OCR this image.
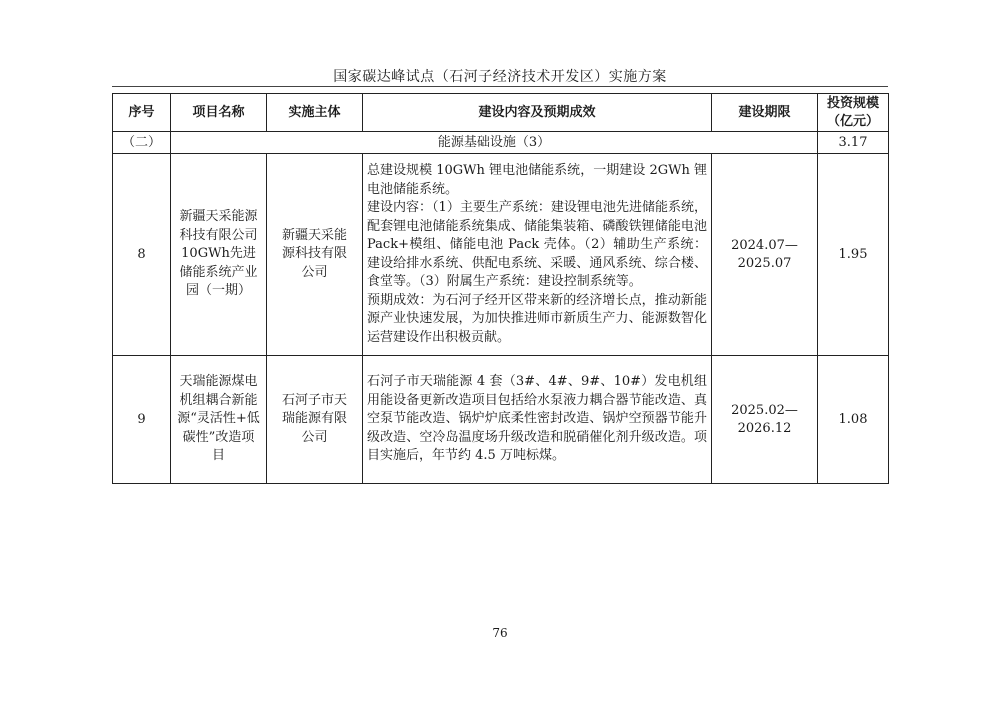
国家碳达峰试点（石河子经济技术开发区）实施方案
序号	项目名称	实施主体	建设内容及预期成效	建设期限	投资规模（亿元）
（二）	能源基础设施（3）				3.17
8	新疆天采能源科技有限公司10GWh先进储能系统产业园（一期）	新疆天采能源科技有限公司	总建设规模 10GWh 锂电池储能系统，一期建设 2GWh 锂电池储能系统。

建设内容：（1）主要生产系统：建设锂电池先进储能系统，配套锂电池储能系统集成、储能集装箱、磷酸铁锂储能电池 Pack+模组、储能电池 Pack 壳体。（2）辅助生产系统：建设给排水系统、供配电系统、采暖、通风系统、综合楼、食堂等。（3）附属生产系统：建设控制系统等。

预期成效：为石河子经开区带来新的经济增长点，推动新能源产业快速发展，为加快推进师市新质生产力、能源数智化运营建设作出积极贡献。	2024.07—2025.07	1.95
9	天瑞能源煤电机组耦合新能源“灵活性+低碳性”改造项目	石河子市天瑞能源有限公司	石河子市天瑞能源 4 套（3#、4#、9#、10#）发电机组用能设备更新改造项目包括给水泵液力耦合器节能改造、真空泵节能改造、锅炉炉底柔性密封改造、锅炉空预器节能升级改造、空冷岛温度场升级改造和脱硝催化剂升级改造。项目实施后，年节约 4.5 万吨标煤。	2025.02—2026.12	1.08
76
